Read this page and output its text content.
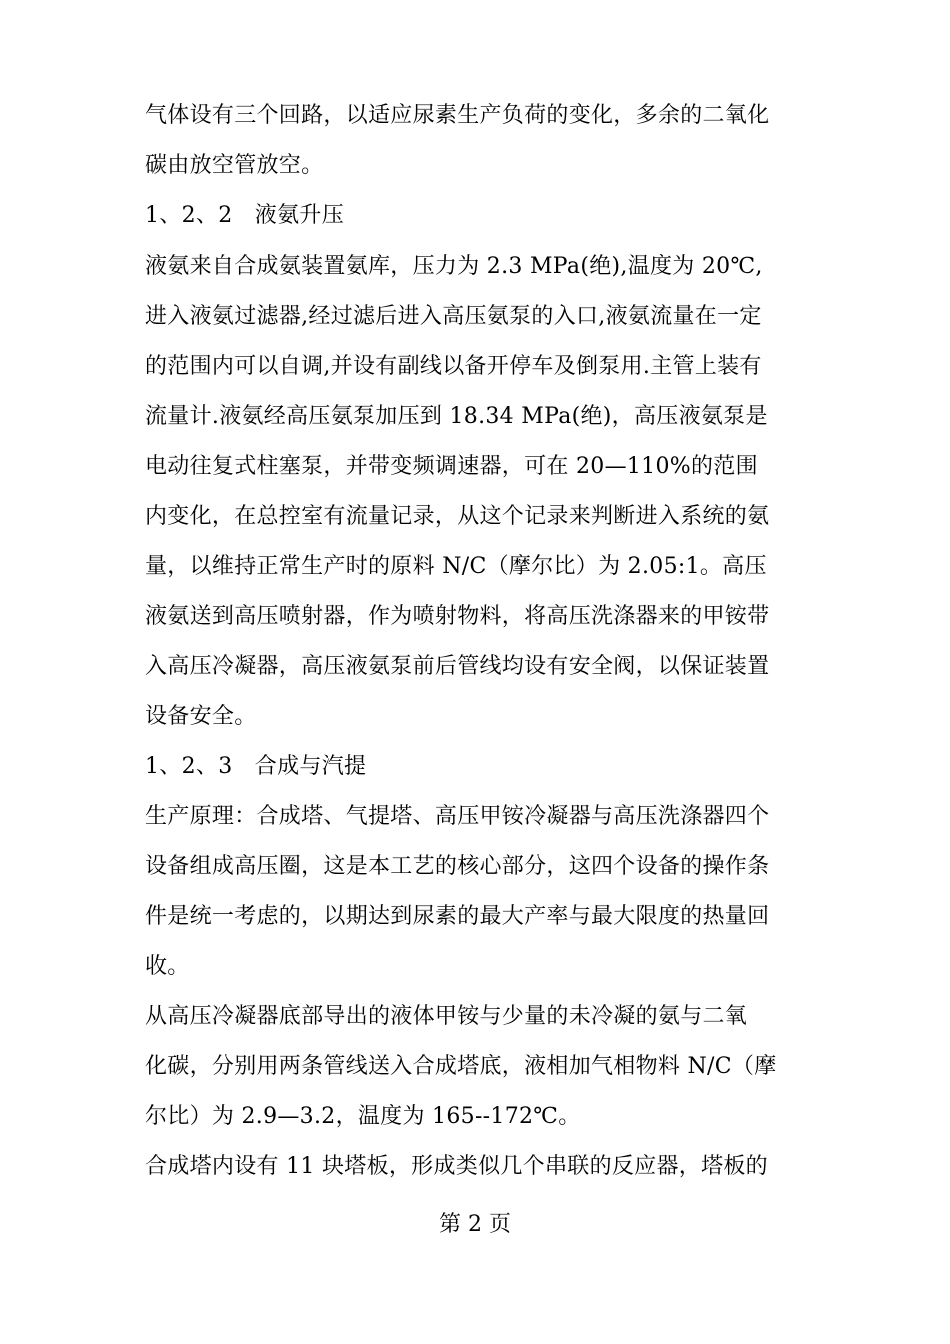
气体设有三个回路，以适应尿素生产负荷的变化，多余的二氧化
碳由放空管放空。
1、2、2　液氨升压
液氨来自合成氨装置氨库，压力为 2.3 MPa(绝),温度为 20℃,
进入液氨过滤器,经过滤后进入高压氨泵的入口,液氨流量在一定
的范围内可以自调,并设有副线以备开停车及倒泵用.主管上装有
流量计.液氨经高压氨泵加压到 18.34 MPa(绝)，高压液氨泵是
电动往复式柱塞泵，并带变频调速器，可在 20—110%的范围
内变化，在总控室有流量记录，从这个记录来判断进入系统的氨
量，以维持正常生产时的原料 N/C（摩尔比）为 2.05:1。高压
液氨送到高压喷射器，作为喷射物料，将高压洗涤器来的甲铵带
入高压冷凝器，高压液氨泵前后管线均设有安全阀，以保证装置
设备安全。
1、2、3　合成与汽提
生产原理：合成塔、气提塔、高压甲铵冷凝器与高压洗涤器四个
设备组成高压圈，这是本工艺的核心部分，这四个设备的操作条
件是统一考虑的，以期达到尿素的最大产率与最大限度的热量回
收。
从高压冷凝器底部导出的液体甲铵与少量的未冷凝的氨与二氧
化碳，分别用两条管线送入合成塔底，液相加气相物料 N/C（摩
尔比）为 2.9—3.2，温度为 165--172℃。
合成塔内设有 11 块塔板，形成类似几个串联的反应器，塔板的
第 2 页
